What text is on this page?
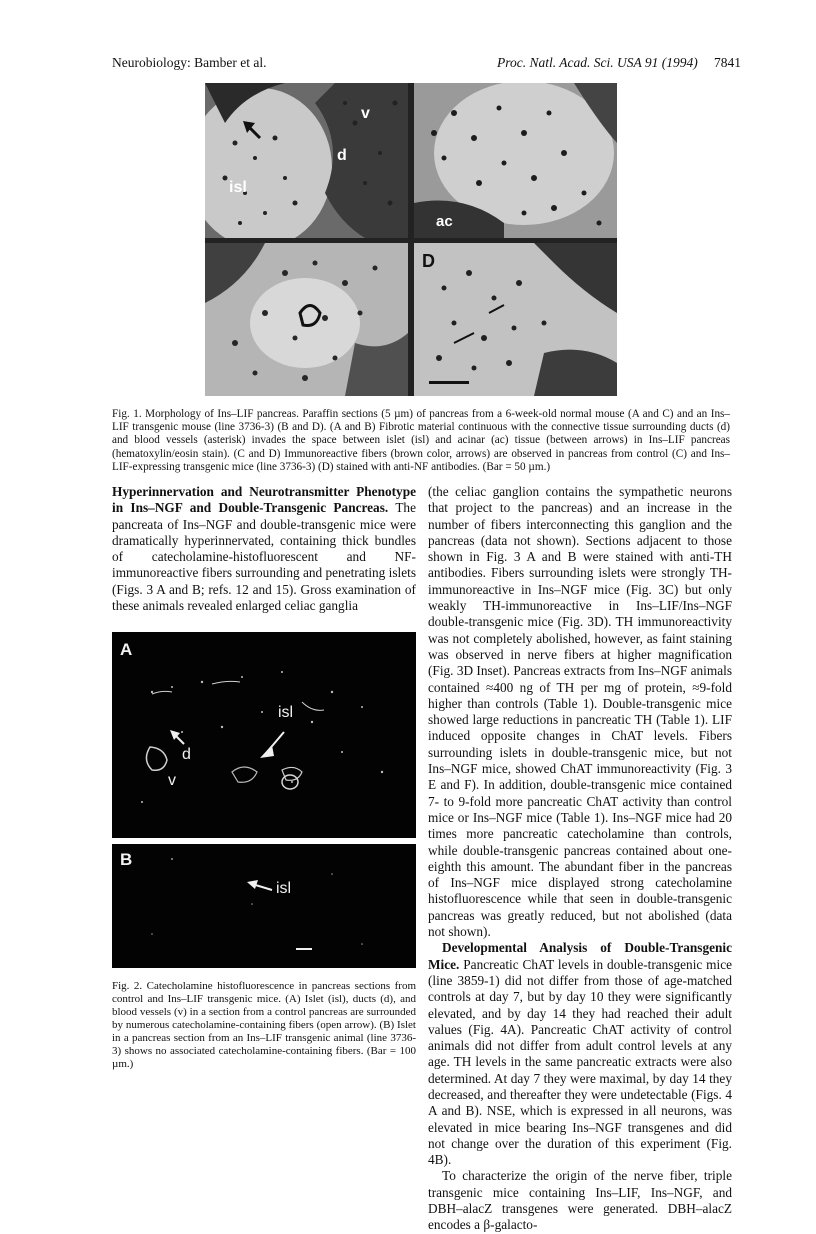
Neurobiology: Bamber et al.	Proc. Natl. Acad. Sci. USA 91 (1994) 7841
isl
d
v
ac
D

Fig. 1. Morphology of Ins–LIF pancreas. Paraffin sections (5 µm) of pancreas from a 6-week-old normal mouse (A and C) and an Ins–LIF transgenic mouse (line 3736-3) (B and D). (A and B) Fibrotic material continuous with the connective tissue surrounding ducts (d) and blood vessels (asterisk) invades the space between islet (isl) and acinar (ac) tissue (between arrows) in Ins–LIF pancreas (hematoxylin/eosin stain). (C and D) Immunoreactive fibers (brown color, arrows) are observed in pancreas from control (C) and Ins–LIF-expressing transgenic mice (line 3736-3) (D) stained with anti-NF antibodies. (Bar = 50 µm.)

Hyperinnervation and Neurotransmitter Phenotype in Ins–NGF and Double-Transgenic Pancreas. The pancreata of Ins–NGF and double-transgenic mice were dramatically hyperinnervated, containing thick bundles of catecholamine-histofluorescent and NF-immunoreactive fibers surrounding and penetrating islets (Figs. 3 A and B; refs. 12 and 15). Gross examination of these animals revealed enlarged celiac ganglia

A
isl
d
v
B
isl

Fig. 2. Catecholamine histofluorescence in pancreas sections from control and Ins–LIF transgenic mice. (A) Islet (isl), ducts (d), and blood vessels (v) in a section from a control pancreas are surrounded by numerous catecholamine-containing fibers (open arrow). (B) Islet in a pancreas section from an Ins–LIF transgenic animal (line 3736-3) shows no associated catecholamine-containing fibers. (Bar = 100 µm.)

(the celiac ganglion contains the sympathetic neurons that project to the pancreas) and an increase in the number of fibers interconnecting this ganglion and the pancreas (data not shown). Sections adjacent to those shown in Fig. 3 A and B were stained with anti-TH antibodies. Fibers surrounding islets were strongly TH-immunoreactive in Ins–NGF mice (Fig. 3C) but only weakly TH-immunoreactive in Ins–LIF/Ins–NGF double-transgenic mice (Fig. 3D). TH immunoreactivity was not completely abolished, however, as faint staining was observed in nerve fibers at higher magnification (Fig. 3D Inset). Pancreas extracts from Ins–NGF animals contained ≈400 ng of TH per mg of protein, ≈9-fold higher than controls (Table 1). Double-transgenic mice showed large reductions in pancreatic TH (Table 1). LIF induced opposite changes in ChAT levels. Fibers surrounding islets in double-transgenic mice, but not Ins–NGF mice, showed ChAT immunoreactivity (Fig. 3 E and F). In addition, double-transgenic mice contained 7- to 9-fold more pancreatic ChAT activity than control mice or Ins–NGF mice (Table 1). Ins–NGF mice had 20 times more pancreatic catecholamine than controls, while double-transgenic pancreas contained about one-eighth this amount. The abundant fiber in the pancreas of Ins–NGF mice displayed strong catecholamine histofluorescence while that seen in double-transgenic pancreas was greatly reduced, but not abolished (data not shown).

Developmental Analysis of Double-Transgenic Mice. Pancreatic ChAT levels in double-transgenic mice (line 3859-1) did not differ from those of age-matched controls at day 7, but by day 10 they were significantly elevated, and by day 14 they had reached their adult values (Fig. 4A). Pancreatic ChAT activity of control animals did not differ from adult control levels at any age. TH levels in the same pancreatic extracts were also determined. At day 7 they were maximal, by day 14 they decreased, and thereafter they were undetectable (Figs. 4 A and B). NSE, which is expressed in all neurons, was elevated in mice bearing Ins–NGF transgenes and did not change over the duration of this experiment (Fig. 4B).

To characterize the origin of the nerve fiber, triple transgenic mice containing Ins–LIF, Ins–NGF, and DBH–alacZ transgenes were generated. DBH–alacZ encodes a β-galacto-
